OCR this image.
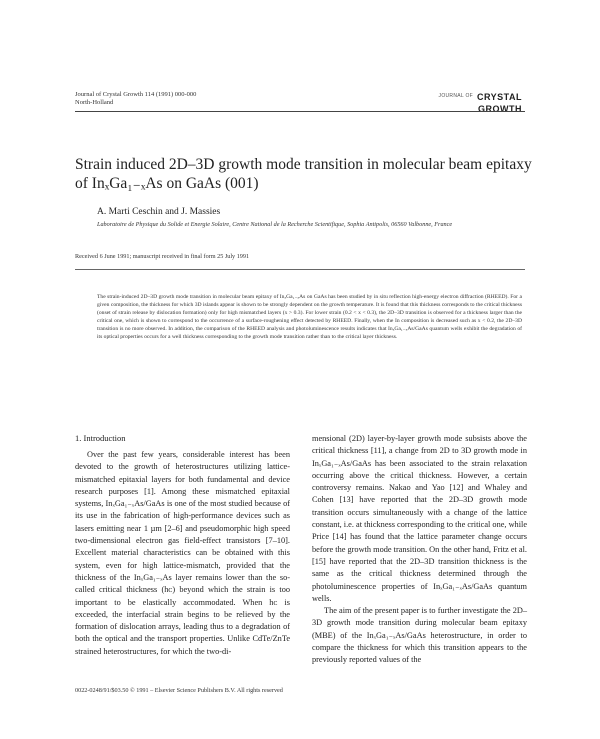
Journal of Crystal Growth 114 (1991) 000-000
North-Holland
JOURNAL OF CRYSTAL
GROWTH
Strain induced 2D–3D growth mode transition in molecular beam epitaxy of InₓGa₁₋ₓAs on GaAs (001)
A. Marti Ceschin and J. Massies
Laboratoire de Physique du Solide et Energie Solaire, Centre National de la Recherche Scientifique, Sophia Antipolis, 06560 Valbonne, France
Received 6 June 1991; manuscript received in final form 25 July 1991
The strain-induced 2D–3D growth mode transition in molecular beam epitaxy of InₓGa₁₋ₓAs on GaAs has been studied by in situ reflection high-energy electron diffraction (RHEED). For a given composition, the thickness for which 3D islands appear is shown to be strongly dependent on the growth temperature. It is found that this thickness corresponds to the critical thickness (onset of strain release by dislocation formation) only for high mismatched layers (x > 0.3). For lower strain (0.2 < x < 0.3), the 2D–3D transition is observed for a thickness larger than the critical one, which is shown to correspond to the occurrence of a surface-roughening effect detected by RHEED. Finally, when the In composition is decreased such as x < 0.2, the 2D–3D transition is no more observed. In addition, the comparison of the RHEED analysis and photoluminescence results indicates that InₓGa₁₋ₓAs/GaAs quantum wells exhibit the degradation of its optical properties occurs for a well thickness corresponding to the growth mode transition rather than to the critical layer thickness.
1. Introduction

Over the past few years, considerable interest has been devoted to the growth of heterostructures utilizing lattice-mismatched epitaxial layers for both fundamental and device research purposes [1]. Among these mismatched epitaxial systems, InₓGa₁₋ₓAs/GaAs is one of the most studied because of its use in the fabrication of high-performance devices such as lasers emitting near 1 µm [2–6] and pseudomorphic high speed two-dimensional electron gas field-effect transistors [7–10]. Excellent material characteristics can be obtained with this system, even for high lattice-mismatch, provided that the thickness of the InₓGa₁₋ₓAs layer remains lower than the so-called critical thickness (hᴄ) beyond which the strain is too important to be elastically accommodated. When hᴄ is exceeded, the interfacial strain begins to be relieved by the formation of dislocation arrays, leading thus to a degradation of both the optical and the transport properties. Unlike CdTe/ZnTe strained heterostructures, for which the two-di-

mensional (2D) layer-by-layer growth mode subsists above the critical thickness [11], a change from 2D to 3D growth mode in InₓGa₁₋ₓAs/GaAs has been associated to the strain relaxation occurring above the critical thickness. However, a certain controversy remains. Nakao and Yao [12] and Whaley and Cohen [13] have reported that the 2D–3D growth mode transition occurs simultaneously with a change of the lattice constant, i.e. at thickness corresponding to the critical one, while Price [14] has found that the lattice parameter change occurs before the growth mode transition. On the other hand, Fritz et al. [15] have reported that the 2D–3D transition thickness is the same as the critical thickness determined through the photoluminescence properties of InₓGa₁₋ₓAs/GaAs quantum wells.

The aim of the present paper is to further investigate the 2D–3D growth mode transition during molecular beam epitaxy (MBE) of the InₓGa₁₋ₓAs/GaAs heterostructure, in order to compare the thickness for which this transition appears to the previously reported values of the

0022-0248/91/$03.50 © 1991 – Elsevier Science Publishers B.V. All rights reserved
